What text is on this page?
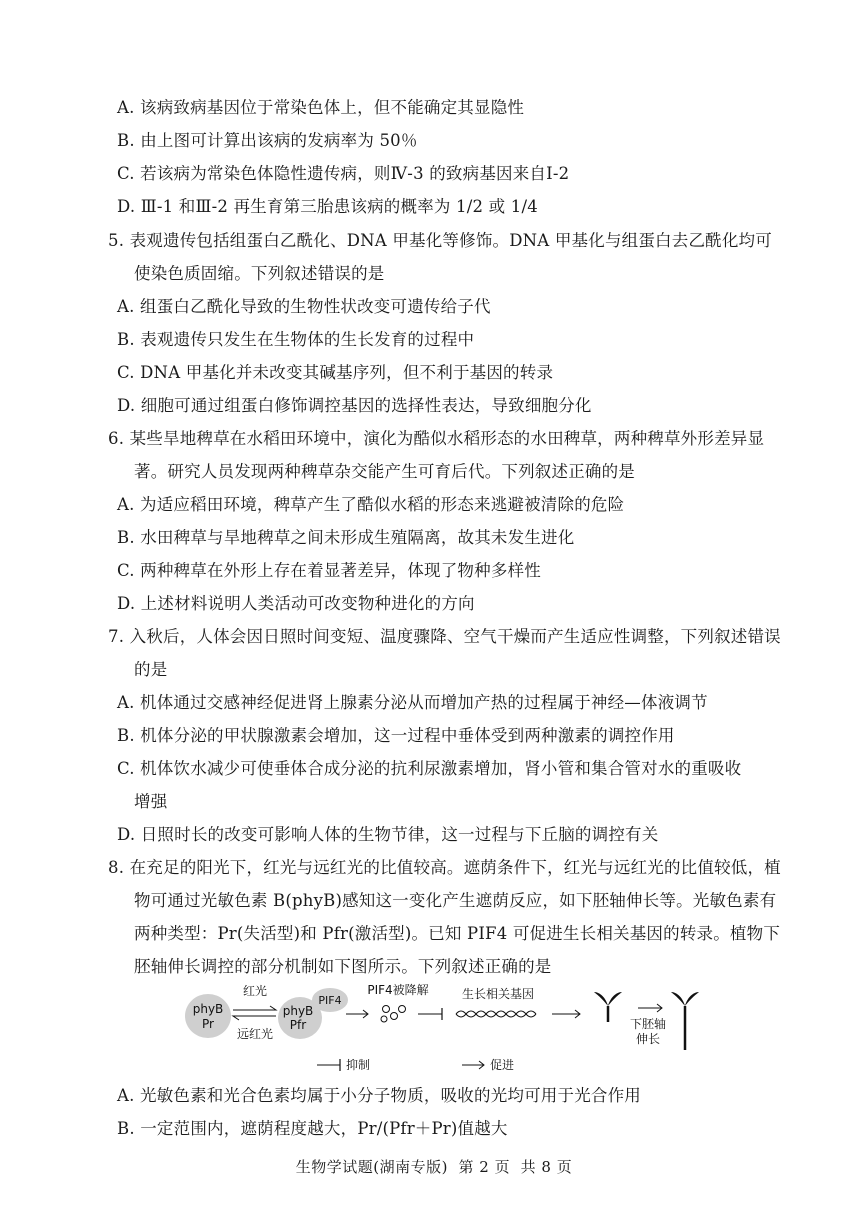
A. 该病致病基因位于常染色体上，但不能确定其显隐性
B. 由上图可计算出该病的发病率为 50％
C. 若该病为常染色体隐性遗传病，则Ⅳ-3 的致病基因来自Ⅰ-2
D. Ⅲ-1 和Ⅲ-2 再生育第三胎患该病的概率为 1/2 或 1/4
5. 表观遗传包括组蛋白乙酰化、DNA 甲基化等修饰。DNA 甲基化与组蛋白去乙酰化均可
使染色质固缩。下列叙述错误的是
A. 组蛋白乙酰化导致的生物性状改变可遗传给子代
B. 表观遗传只发生在生物体的生长发育的过程中
C. DNA 甲基化并未改变其碱基序列，但不利于基因的转录
D. 细胞可通过组蛋白修饰调控基因的选择性表达，导致细胞分化
6. 某些旱地稗草在水稻田环境中，演化为酷似水稻形态的水田稗草，两种稗草外形差异显
著。研究人员发现两种稗草杂交能产生可育后代。下列叙述正确的是
A. 为适应稻田环境，稗草产生了酷似水稻的形态来逃避被清除的危险
B. 水田稗草与旱地稗草之间未形成生殖隔离，故其未发生进化
C. 两种稗草在外形上存在着显著差异，体现了物种多样性
D. 上述材料说明人类活动可改变物种进化的方向
7. 入秋后，人体会因日照时间变短、温度骤降、空气干燥而产生适应性调整，下列叙述错误
的是
A. 机体通过交感神经促进肾上腺素分泌从而增加产热的过程属于神经—体液调节
B. 机体分泌的甲状腺激素会增加，这一过程中垂体受到两种激素的调控作用
C. 机体饮水减少可使垂体合成分泌的抗利尿激素增加，肾小管和集合管对水的重吸收
增强
D. 日照时长的改变可影响人体的生物节律，这一过程与下丘脑的调控有关
8. 在充足的阳光下，红光与远红光的比值较高。遮荫条件下，红光与远红光的比值较低，植
物可通过光敏色素 B(phyB)感知这一变化产生遮荫反应，如下胚轴伸长等。光敏色素有
两种类型：Pr(失活型)和 Pfr(激活型)。已知 PIF4 可促进生长相关基因的转录。植物下
胚轴伸长调控的部分机制如下图所示。下列叙述正确的是
phyB
Pr
红光
远红光
phyB
Pfr
PIF4
PIF4被降解	生长相关基因
下胚轴
伸长
抑制	促进
A. 光敏色素和光合色素均属于小分子物质，吸收的光均可用于光合作用
B. 一定范围内，遮荫程度越大，Pr/(Pfr＋Pr)值越大
生物学试题(湖南专版)  第 2 页  共 8 页
